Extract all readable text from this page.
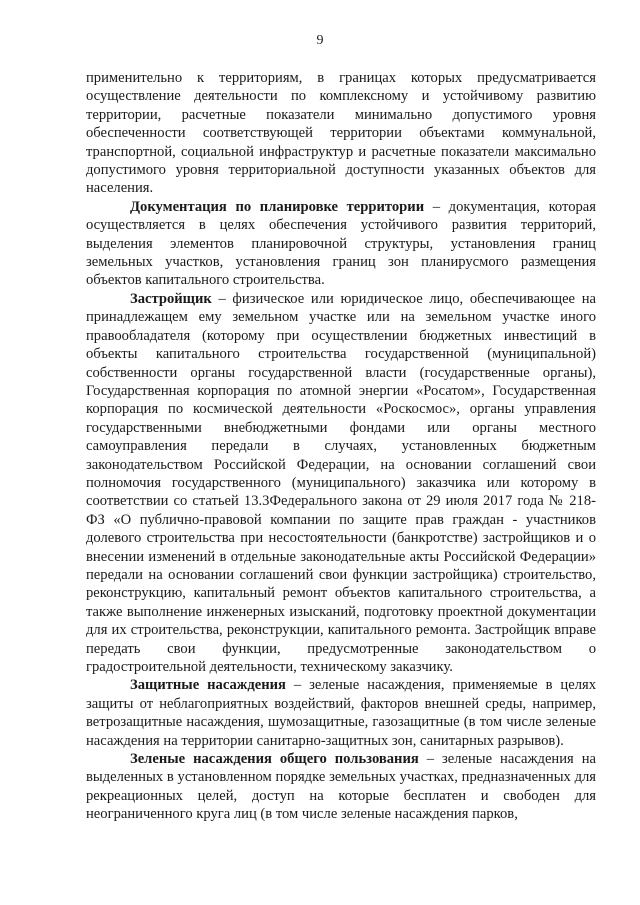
9

применительно к территориям, в границах которых предусматривается осуществление деятельности по комплексному и устойчивому развитию территории, расчетные показатели минимально допустимого уровня обеспеченности соответствующей территории объектами коммунальной, транспортной, социальной инфраструктур и расчетные показатели максимально допустимого уровня территориальной доступности указанных объектов для населения.

Документация по планировке территории – документация, которая осуществляется в целях обеспечения устойчивого развития территорий, выделения элементов планировочной структуры, установления границ земельных участков, установления границ зон планирусмого размещения объектов капитального строительства.

Застройщик – физическое или юридическое лицо, обеспечивающее на принадлежащем ему земельном участке или на земельном участке иного правообладателя (которому при осуществлении бюджетных инвестиций в объекты капитального строительства государственной (муниципальной) собственности органы государственной власти (государственные органы), Государственная корпорация по атомной энергии «Росатом», Государственная корпорация по космической деятельности «Роскосмос», органы управления государственными внебюджетными фондами или органы местного самоуправления передали в случаях, установленных бюджетным законодательством Российской Федерации, на основании соглашений свои полномочия государственного (муниципального) заказчика или которому в соответствии со статьей 13.3Федерального закона от 29 июля 2017 года № 218-ФЗ «О публично-правовой компании по защите прав граждан - участников долевого строительства при несостоятельности (банкротстве) застройщиков и о внесении изменений в отдельные законодательные акты Российской Федерации» передали на основании соглашений свои функции застройщика) строительство, реконструкцию, капитальный ремонт объектов капитального строительства, а также выполнение инженерных изысканий, подготовку проектной документации для их строительства, реконструкции, капитального ремонта. Застройщик вправе передать свои функции, предусмотренные законодательством о градостроительной деятельности, техническому заказчику.

Защитные насаждения – зеленые насаждения, применяемые в целях защиты от неблагоприятных воздействий, факторов внешней среды, например, ветрозащитные насаждения, шумозащитные, газозащитные (в том числе зеленые насаждения на территории санитарно-защитных зон, санитарных разрывов).

Зеленые насаждения общего пользования – зеленые насаждения на выделенных в установленном порядке земельных участках, предназначенных для рекреационных целей, доступ на которые бесплатен и свободен для неограниченного круга лиц (в том числе зеленые насаждения парков,
